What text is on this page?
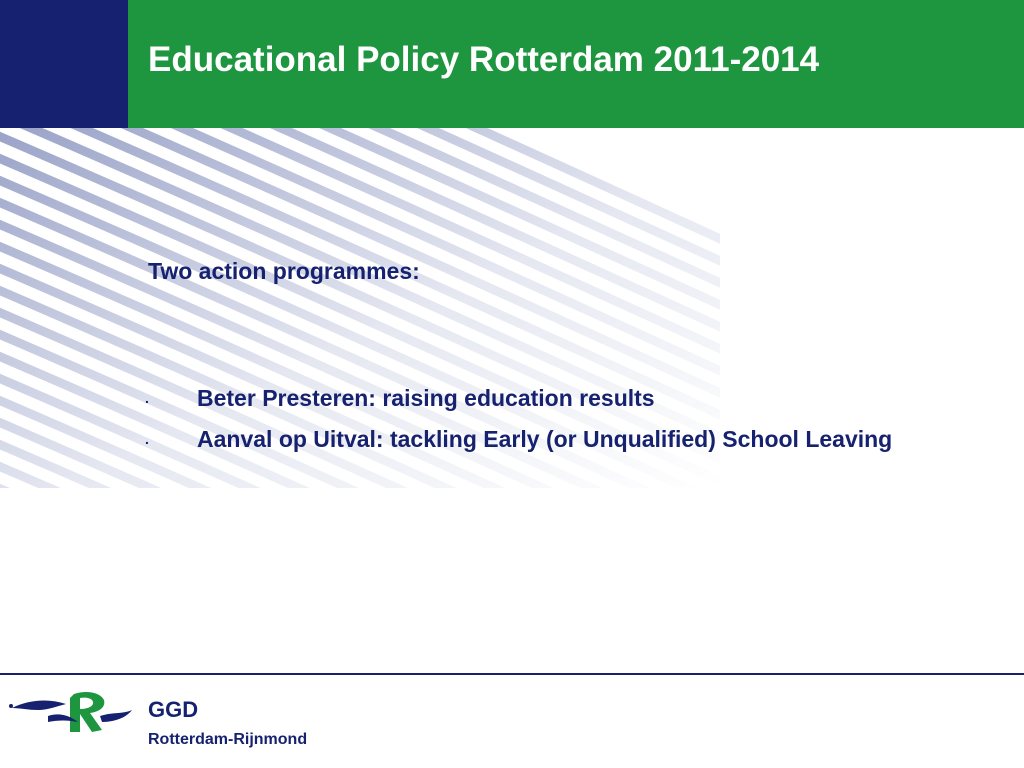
Educational Policy Rotterdam 2011-2014
Two action programmes:
. Beter Presteren: raising education results
. Aanval op Uitval: tackling Early (or Unqualified) School Leaving
GGD
Rotterdam-Rijnmond
